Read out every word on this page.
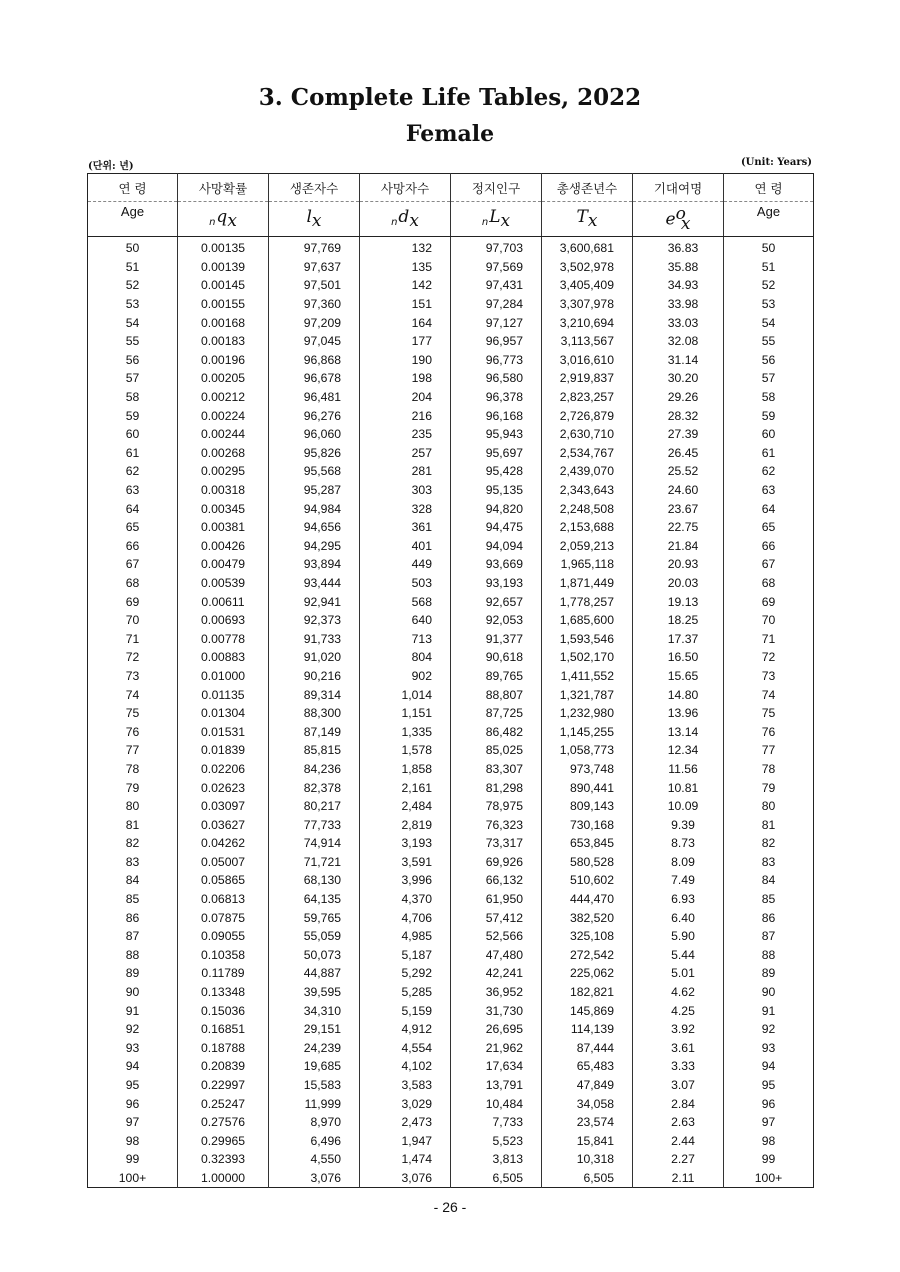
3. Complete Life Tables, 2022
Female
(단위: 년)	(Unit: Years)
연 령	사망확률	생존자수	사망자수	정지인구	총생존년수	기대여명	연 령
Age	$_nq_x$	$l_x$	$_nd_x$	$_nL_x$	$T_x$	$e^o_x$	Age
50	0.00135	97,769	132	97,703	3,600,681	36.83	50
51	0.00139	97,637	135	97,569	3,502,978	35.88	51
52	0.00145	97,501	142	97,431	3,405,409	34.93	52
53	0.00155	97,360	151	97,284	3,307,978	33.98	53
54	0.00168	97,209	164	97,127	3,210,694	33.03	54
55	0.00183	97,045	177	96,957	3,113,567	32.08	55
56	0.00196	96,868	190	96,773	3,016,610	31.14	56
57	0.00205	96,678	198	96,580	2,919,837	30.20	57
58	0.00212	96,481	204	96,378	2,823,257	29.26	58
59	0.00224	96,276	216	96,168	2,726,879	28.32	59
60	0.00244	96,060	235	95,943	2,630,710	27.39	60
61	0.00268	95,826	257	95,697	2,534,767	26.45	61
62	0.00295	95,568	281	95,428	2,439,070	25.52	62
63	0.00318	95,287	303	95,135	2,343,643	24.60	63
64	0.00345	94,984	328	94,820	2,248,508	23.67	64
65	0.00381	94,656	361	94,475	2,153,688	22.75	65
66	0.00426	94,295	401	94,094	2,059,213	21.84	66
67	0.00479	93,894	449	93,669	1,965,118	20.93	67
68	0.00539	93,444	503	93,193	1,871,449	20.03	68
69	0.00611	92,941	568	92,657	1,778,257	19.13	69
70	0.00693	92,373	640	92,053	1,685,600	18.25	70
71	0.00778	91,733	713	91,377	1,593,546	17.37	71
72	0.00883	91,020	804	90,618	1,502,170	16.50	72
73	0.01000	90,216	902	89,765	1,411,552	15.65	73
74	0.01135	89,314	1,014	88,807	1,321,787	14.80	74
75	0.01304	88,300	1,151	87,725	1,232,980	13.96	75
76	0.01531	87,149	1,335	86,482	1,145,255	13.14	76
77	0.01839	85,815	1,578	85,025	1,058,773	12.34	77
78	0.02206	84,236	1,858	83,307	973,748	11.56	78
79	0.02623	82,378	2,161	81,298	890,441	10.81	79
80	0.03097	80,217	2,484	78,975	809,143	10.09	80
81	0.03627	77,733	2,819	76,323	730,168	9.39	81
82	0.04262	74,914	3,193	73,317	653,845	8.73	82
83	0.05007	71,721	3,591	69,926	580,528	8.09	83
84	0.05865	68,130	3,996	66,132	510,602	7.49	84
85	0.06813	64,135	4,370	61,950	444,470	6.93	85
86	0.07875	59,765	4,706	57,412	382,520	6.40	86
87	0.09055	55,059	4,985	52,566	325,108	5.90	87
88	0.10358	50,073	5,187	47,480	272,542	5.44	88
89	0.11789	44,887	5,292	42,241	225,062	5.01	89
90	0.13348	39,595	5,285	36,952	182,821	4.62	90
91	0.15036	34,310	5,159	31,730	145,869	4.25	91
92	0.16851	29,151	4,912	26,695	114,139	3.92	92
93	0.18788	24,239	4,554	21,962	87,444	3.61	93
94	0.20839	19,685	4,102	17,634	65,483	3.33	94
95	0.22997	15,583	3,583	13,791	47,849	3.07	95
96	0.25247	11,999	3,029	10,484	34,058	2.84	96
97	0.27576	8,970	2,473	7,733	23,574	2.63	97
98	0.29965	6,496	1,947	5,523	15,841	2.44	98
99	0.32393	4,550	1,474	3,813	10,318	2.27	99
100+	1.00000	3,076	3,076	6,505	6,505	2.11	100+
- 26 -
